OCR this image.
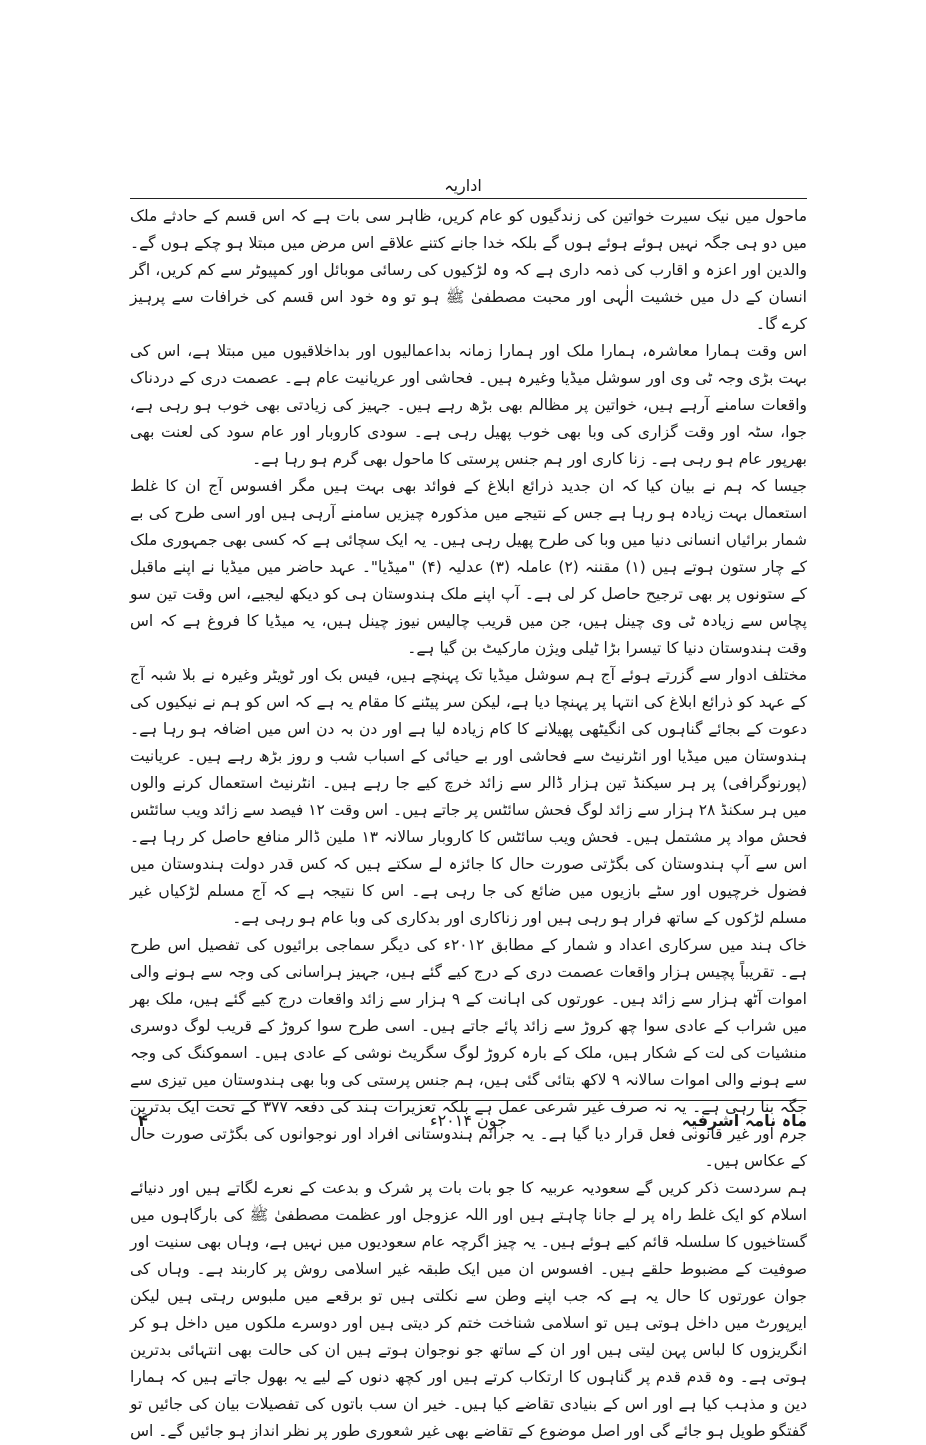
اداریہ

ماحول میں نیک سیرت خواتین کی زندگیوں کو عام کریں، ظاہر سی بات ہے کہ اس قسم کے حادثے ملک میں دو ہی جگہ نہیں ہوئے ہوئے ہوں گے بلکہ خدا جانے کتنے علاقے اس مرض میں مبتلا ہو چکے ہوں گے۔ والدین اور اعزہ و اقارب کی ذمہ داری ہے کہ وہ لڑکیوں کی رسائی موبائل اور کمپیوٹر سے کم کریں، اگر انسان کے دل میں خشیت الٰہی اور محبت مصطفیٰ ﷺ ہو تو وہ خود اس قسم کی خرافات سے پرہیز کرے گا۔

اس وقت ہمارا معاشرہ، ہمارا ملک اور ہمارا زمانہ بداعمالیوں اور بداخلاقیوں میں مبتلا ہے، اس کی بہت بڑی وجہ ٹی وی اور سوشل میڈیا وغیرہ ہیں۔ فحاشی اور عریانیت عام ہے۔ عصمت دری کے دردناک واقعات سامنے آرہے ہیں، خواتین پر مظالم بھی بڑھ رہے ہیں۔ جہیز کی زیادتی بھی خوب ہو رہی ہے، جوا، سٹہ اور وقت گزاری کی وبا بھی خوب پھیل رہی ہے۔ سودی کاروبار اور عام سود کی لعنت بھی بھرپور عام ہو رہی ہے۔ زنا کاری اور ہم جنس پرستی کا ماحول بھی گرم ہو رہا ہے۔

جیسا کہ ہم نے بیان کیا کہ ان جدید ذرائع ابلاغ کے فوائد بھی بہت ہیں مگر افسوس آج ان کا غلط استعمال بہت زیادہ ہو رہا ہے جس کے نتیجے میں مذکورہ چیزیں سامنے آرہی ہیں اور اسی طرح کی بے شمار برائیاں انسانی دنیا میں وبا کی طرح پھیل رہی ہیں۔ یہ ایک سچائی ہے کہ کسی بھی جمہوری ملک کے چار ستون ہوتے ہیں (۱) مقننہ (۲) عاملہ (۳) عدلیہ (۴) "میڈیا"۔ عہد حاضر میں میڈیا نے اپنے ماقبل کے ستونوں پر بھی ترجیح حاصل کر لی ہے۔ آپ اپنے ملک ہندوستان ہی کو دیکھ لیجیے، اس وقت تین سو پچاس سے زیادہ ٹی وی چینل ہیں، جن میں قریب چالیس نیوز چینل ہیں، یہ میڈیا کا فروغ ہے کہ اس وقت ہندوستان دنیا کا تیسرا بڑا ٹیلی ویژن مارکیٹ بن گیا ہے۔

مختلف ادوار سے گزرتے ہوئے آج ہم سوشل میڈیا تک پہنچے ہیں، فیس بک اور ٹویٹر وغیرہ نے بلا شبہ آج کے عہد کو ذرائع ابلاغ کی انتہا پر پہنچا دیا ہے، لیکن سر پیٹنے کا مقام یہ ہے کہ اس کو ہم نے نیکیوں کی دعوت کے بجائے گناہوں کی انگیٹھی پھیلانے کا کام زیادہ لیا ہے اور دن بہ دن اس میں اضافہ ہو رہا ہے۔ ہندوستان میں میڈیا اور انٹرنیٹ سے فحاشی اور بے حیائی کے اسباب شب و روز بڑھ رہے ہیں۔ عریانیت (پورنوگرافی) پر ہر سیکنڈ تین ہزار ڈالر سے زائد خرچ کیے جا رہے ہیں۔ انٹرنیٹ استعمال کرنے والوں میں ہر سکنڈ ۲۸ ہزار سے زائد لوگ فحش سائٹس پر جاتے ہیں۔ اس وقت ۱۲ فیصد سے زائد ویب سائٹس فحش مواد پر مشتمل ہیں۔ فحش ویب سائٹس کا کاروبار سالانہ ۱۳ ملین ڈالر منافع حاصل کر رہا ہے۔ اس سے آپ ہندوستان کی بگڑتی صورت حال کا جائزہ لے سکتے ہیں کہ کس قدر دولت ہندوستان میں فضول خرچیوں اور سٹے بازیوں میں ضائع کی جا رہی ہے۔ اس کا نتیجہ ہے کہ آج مسلم لڑکیاں غیر مسلم لڑکوں کے ساتھ فرار ہو رہی ہیں اور زناکاری اور بدکاری کی وبا عام ہو رہی ہے۔

خاک ہند میں سرکاری اعداد و شمار کے مطابق ۲۰۱۲ء کی دیگر سماجی برائیوں کی تفصیل اس طرح ہے۔ تقریباً پچیس ہزار واقعات عصمت دری کے درج کیے گئے ہیں، جہیز ہراسانی کی وجہ سے ہونے والی اموات آٹھ ہزار سے زائد ہیں۔ عورتوں کی اہانت کے ۹ ہزار سے زائد واقعات درج کیے گئے ہیں، ملک بھر میں شراب کے عادی سوا چھ کروڑ سے زائد پائے جاتے ہیں۔ اسی طرح سوا کروڑ کے قریب لوگ دوسری منشیات کی لت کے شکار ہیں، ملک کے بارہ کروڑ لوگ سگریٹ نوشی کے عادی ہیں۔ اسموکنگ کی وجہ سے ہونے والی اموات سالانہ ۹ لاکھ بتائی گئی ہیں، ہم جنس پرستی کی وبا بھی ہندوستان میں تیزی سے جگہ بنا رہی ہے۔ یہ نہ صرف غیر شرعی عمل ہے بلکہ تعزیرات ہند کی دفعہ ۳۷۷ کے تحت ایک بدترین جرم اور غیر قانونی فعل قرار دیا گیا ہے۔ یہ جرائم ہندوستانی افراد اور نوجوانوں کی بگڑتی صورت حال کے عکاس ہیں۔

ہم سردست ذکر کریں گے سعودیہ عربیہ کا جو بات بات پر شرک و بدعت کے نعرے لگاتے ہیں اور دنیائے اسلام کو ایک غلط راہ پر لے جانا چاہتے ہیں اور اللہ عزوجل اور عظمت مصطفیٰ ﷺ کی بارگاہوں میں گستاخیوں کا سلسلہ قائم کیے ہوئے ہیں۔ یہ چیز اگرچہ عام سعودیوں میں نہیں ہے، وہاں بھی سنیت اور صوفیت کے مضبوط حلقے ہیں۔ افسوس ان میں ایک طبقہ غیر اسلامی روش پر کاربند ہے۔ وہاں کی جوان عورتوں کا حال یہ ہے کہ جب اپنے وطن سے نکلتی ہیں تو برقعے میں ملبوس رہتی ہیں لیکن ایرپورٹ میں داخل ہوتی ہیں تو اسلامی شناخت ختم کر دیتی ہیں اور دوسرے ملکوں میں داخل ہو کر انگریزوں کا لباس پہن لیتی ہیں اور ان کے ساتھ جو نوجوان ہوتے ہیں ان کی حالت بھی انتہائی بدترین ہوتی ہے۔ وہ قدم قدم پر گناہوں کا ارتکاب کرتے ہیں اور کچھ دنوں کے لیے یہ بھول جاتے ہیں کہ ہمارا دین و مذہب کیا ہے اور اس کے بنیادی تقاضے کیا ہیں۔ خیر ان سب باتوں کی تفصیلات بیان کی جائیں تو گفتگو طویل ہو جائے گی اور اصل موضوع کے تقاضے بھی غیر شعوری طور پر نظر انداز ہو جائیں گے۔ اس

ماہ نامہ اشرفیہ
جون ۲۰۱۴ء
۴
